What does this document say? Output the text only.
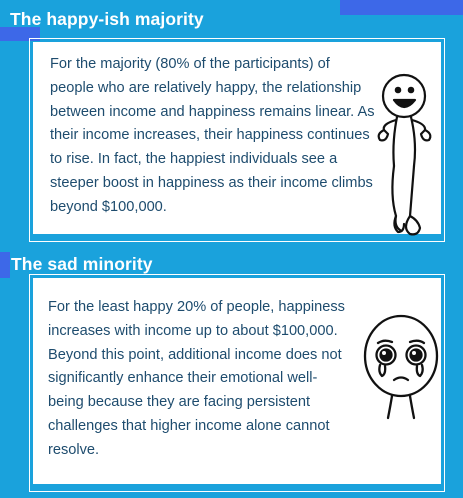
The happy-ish majority

For the majority (80% of the participants) of people who are relatively happy, the relationship between income and happiness remains linear. As their income increases, their happiness continues to rise. In fact, the happiest individuals see a steeper boost in happiness as their income climbs beyond $100,000.

The sad minority

For the least happy 20% of people, happiness increases with income up to about $100,000. Beyond this point, additional income does not significantly enhance their emotional well-being because they are facing persistent challenges that higher income alone cannot resolve.
